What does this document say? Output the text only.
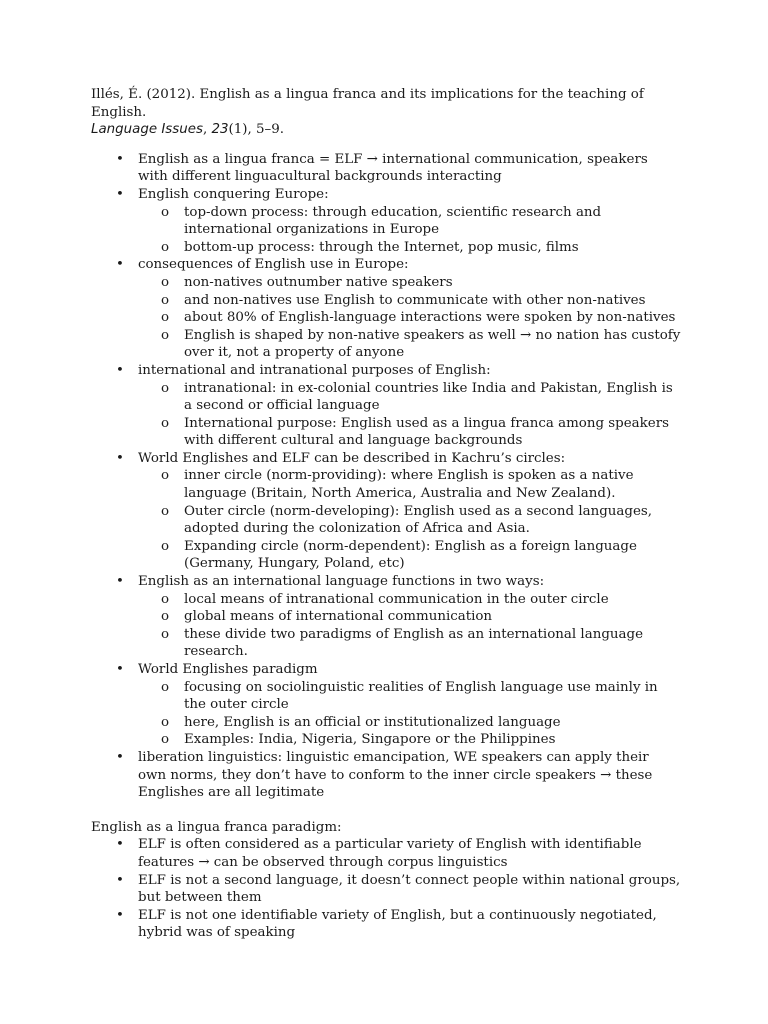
Illés, É. (2012). English as a lingua franca and its implications for the teaching of English.
Language Issues, 23(1), 5–9.

• English as a lingua franca = ELF → international communication, speakers with different linguacultural backgrounds interacting
• English conquering Europe:
o top-down process: through education, scientific research and international organizations in Europe
o bottom-up process: through the Internet, pop music, films
• consequences of English use in Europe:
o non-natives outnumber native speakers
o and non-natives use English to communicate with other non-natives
o about 80% of English-language interactions were spoken by non-natives
o English is shaped by non-native speakers as well → no nation has custofy over it, not a property of anyone
• international and intranational purposes of English:
o intranational: in ex-colonial countries like India and Pakistan, English is a second or official language
o International purpose: English used as a lingua franca among speakers with different cultural and language backgrounds
• World Englishes and ELF can be described in Kachru’s circles:
o inner circle (norm-providing): where English is spoken as a native language (Britain, North America, Australia and New Zealand).
o Outer circle (norm-developing): English used as a second languages, adopted during the colonization of Africa and Asia.
o Expanding circle (norm-dependent): English as a foreign language (Germany, Hungary, Poland, etc)
• English as an international language functions in two ways:
o local means of intranational communication in the outer circle
o global means of international communication
o these divide two paradigms of English as an international language research.
• World Englishes paradigm
o focusing on sociolinguistic realities of English language use mainly in the outer circle
o here, English is an official or institutionalized language
o Examples: India, Nigeria, Singapore or the Philippines
• liberation linguistics: linguistic emancipation, WE speakers can apply their own norms, they don’t have to conform to the inner circle speakers → these Englishes are all legitimate

English as a lingua franca paradigm:

• ELF is often considered as a particular variety of English with identifiable features → can be observed through corpus linguistics
• ELF is not a second language, it doesn’t connect people within national groups, but between them
• ELF is not one identifiable variety of English, but a continuously negotiated, hybrid was of speaking
